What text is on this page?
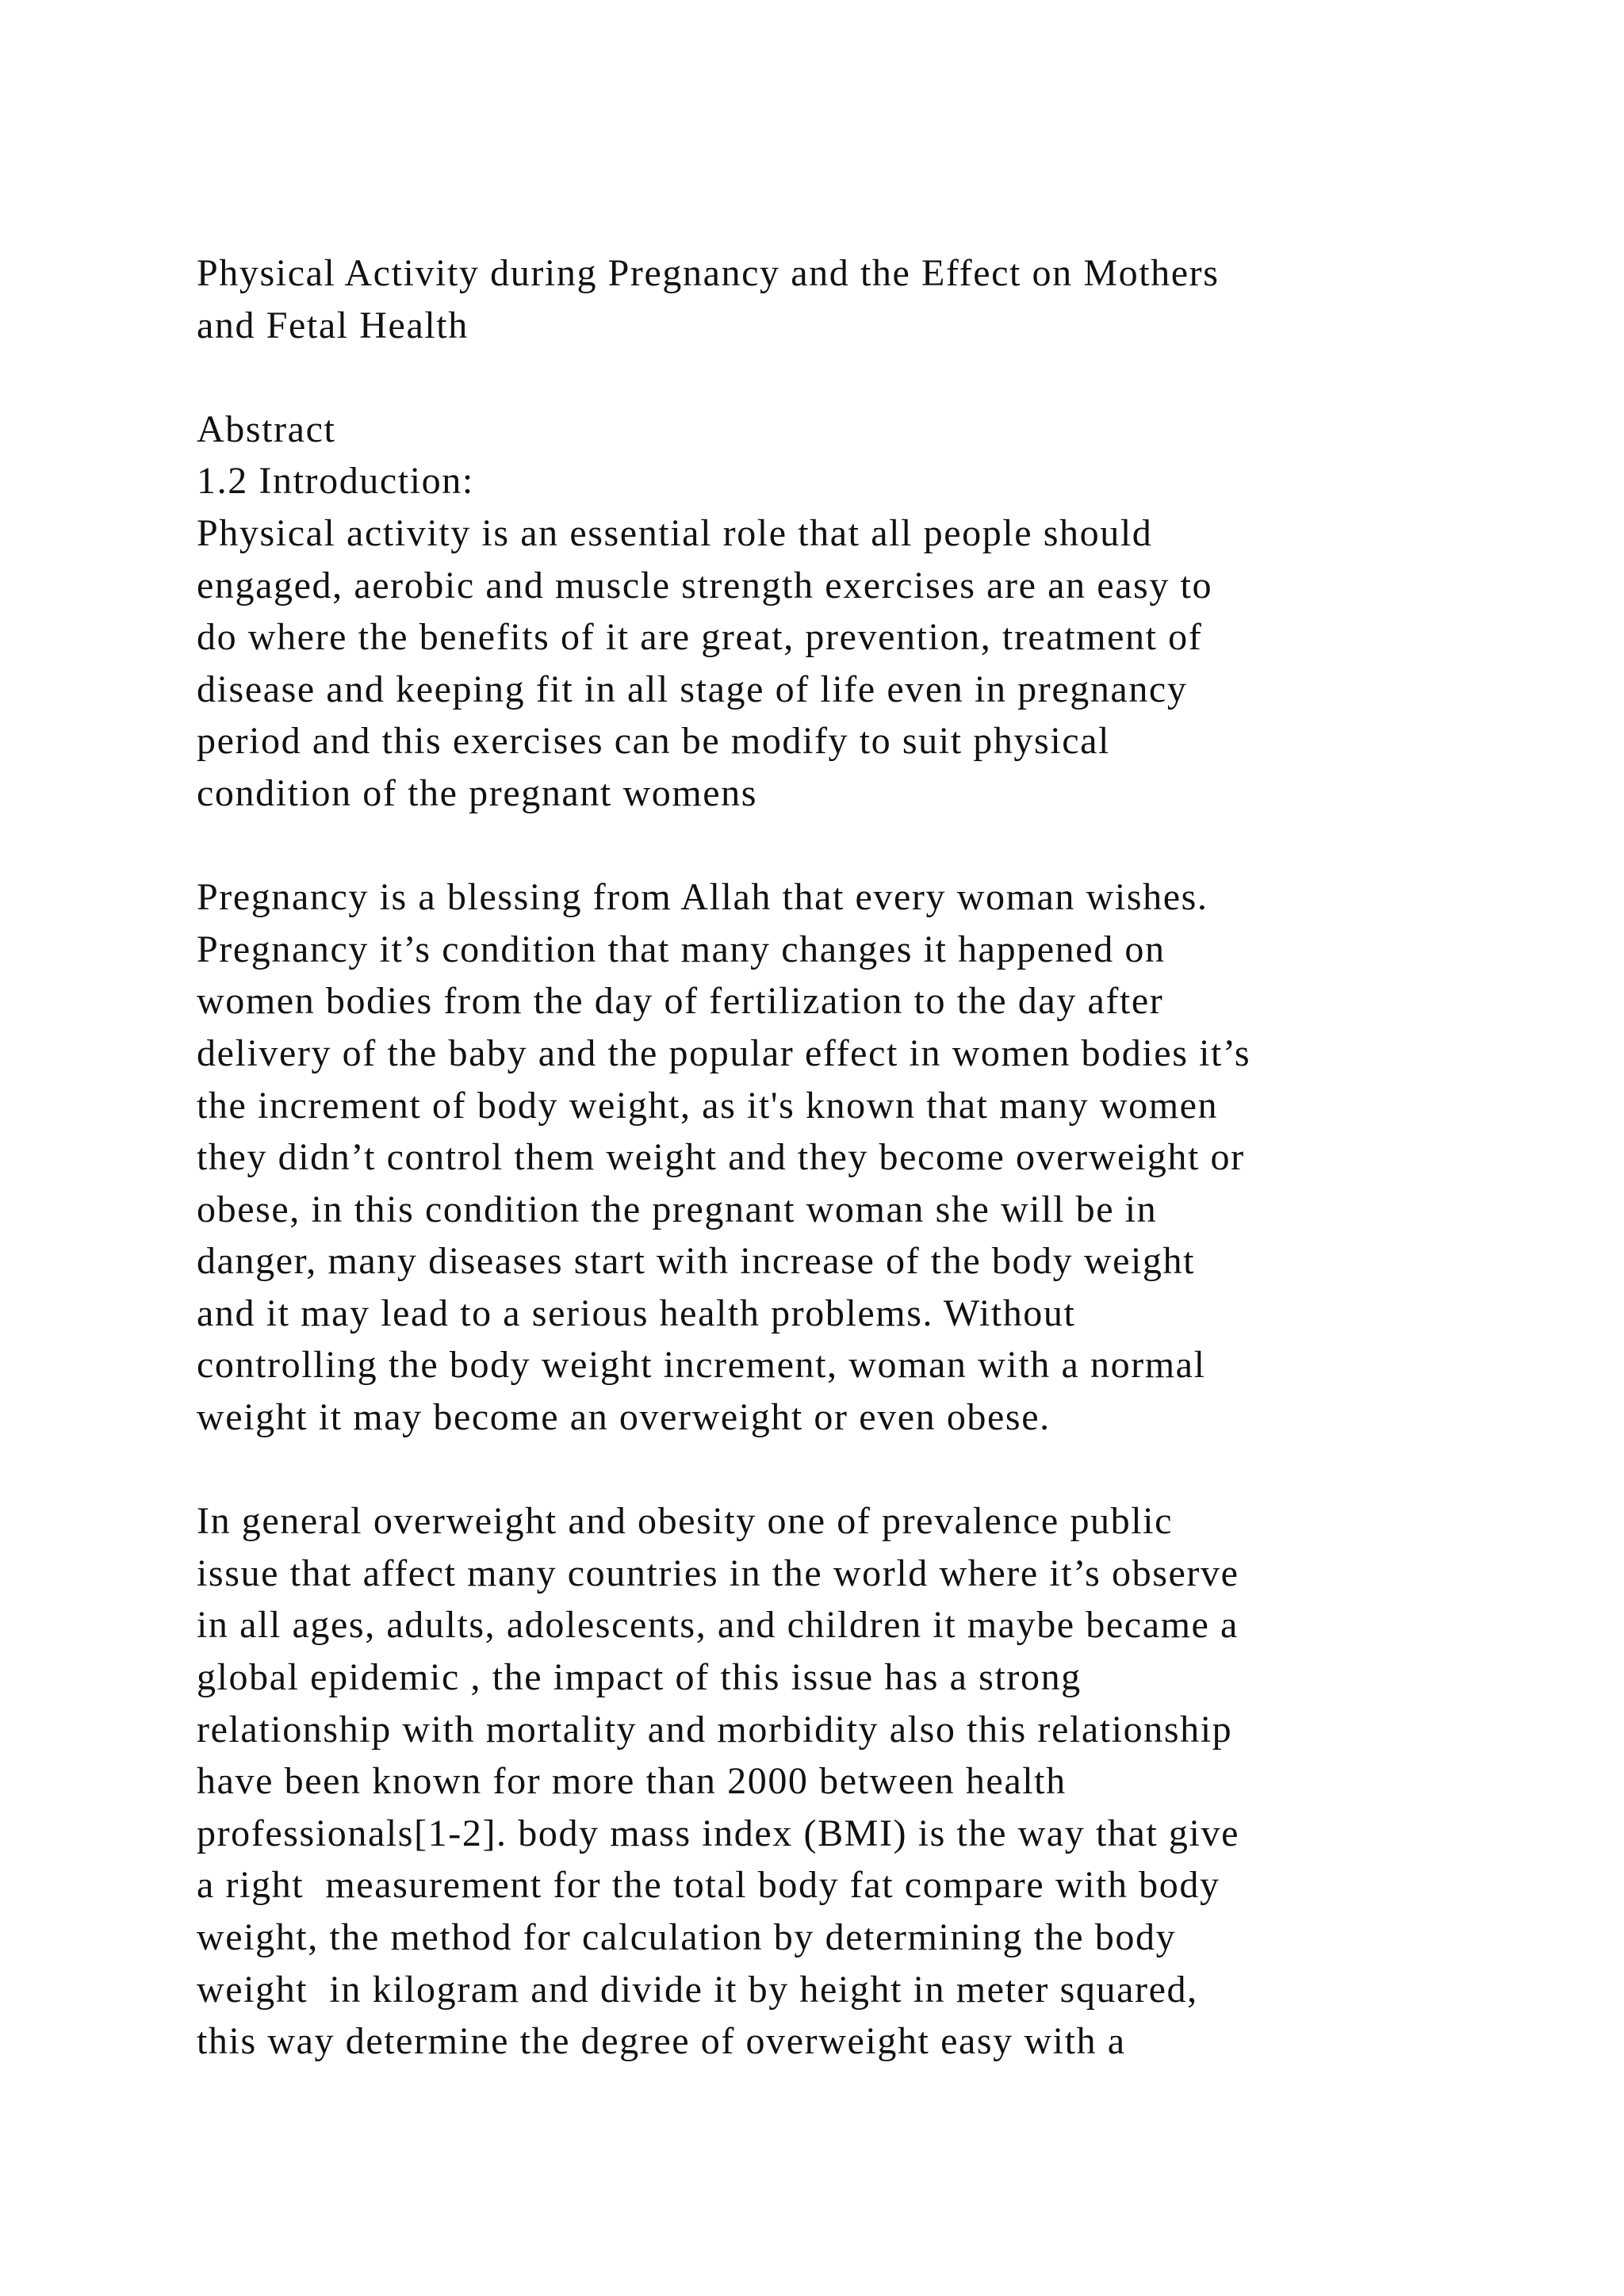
Physical Activity during Pregnancy and the Effect on Mothers
and Fetal Health
Abstract
1.2 Introduction:
Physical activity is an essential role that all people should
engaged, aerobic and muscle strength exercises are an easy to
do where the benefits of it are great, prevention, treatment of
disease and keeping fit in all stage of life even in pregnancy
period and this exercises can be modify to suit physical
condition of the pregnant womens
Pregnancy is a blessing from Allah that every woman wishes.
Pregnancy it’s condition that many changes it happened on
women bodies from the day of fertilization to the day after
delivery of the baby and the popular effect in women bodies it’s
the increment of body weight, as it's known that many women
they didn’t control them weight and they become overweight or
obese, in this condition the pregnant woman she will be in
danger, many diseases start with increase of the body weight
and it may lead to a serious health problems. Without
controlling the body weight increment, woman with a normal
weight it may become an overweight or even obese.
In general overweight and obesity one of prevalence public
issue that affect many countries in the world where it’s observe
in all ages, adults, adolescents, and children it maybe became a
global epidemic , the impact of this issue has a strong
relationship with mortality and morbidity also this relationship
have been known for more than 2000 between health
professionals[1-2]. body mass index (BMI) is the way that give
a right  measurement for the total body fat compare with body
weight, the method for calculation by determining the body
weight  in kilogram and divide it by height in meter squared,
this way determine the degree of overweight easy with a
